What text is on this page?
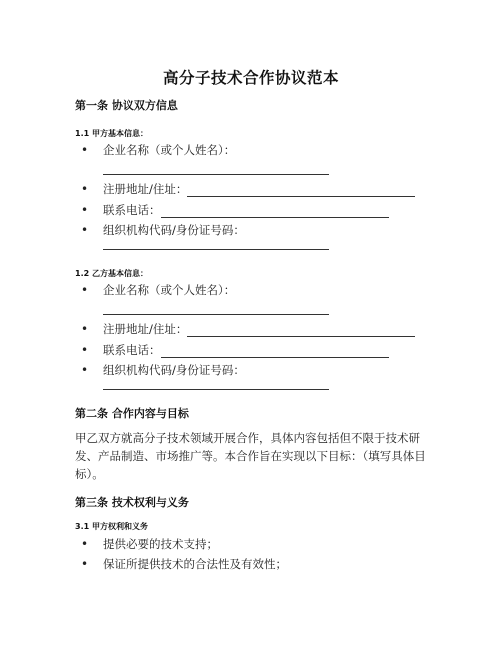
高分子技术合作协议范本
第一条 协议双方信息
1.1 甲方基本信息：
• 企业名称（或个人姓名）：
• 注册地址/住址：
• 联系电话：
• 组织机构代码/身份证号码：
1.2 乙方基本信息：
• 企业名称（或个人姓名）：
• 注册地址/住址：
• 联系电话：
• 组织机构代码/身份证号码：
第二条 合作内容与目标
甲乙双方就高分子技术领域开展合作，具体内容包括但不限于技术研发、产品制造、市场推广等。本合作旨在实现以下目标：（填写具体目标）。
第三条 技术权利与义务
3.1 甲方权利和义务
• 提供必要的技术支持；
• 保证所提供技术的合法性及有效性；
